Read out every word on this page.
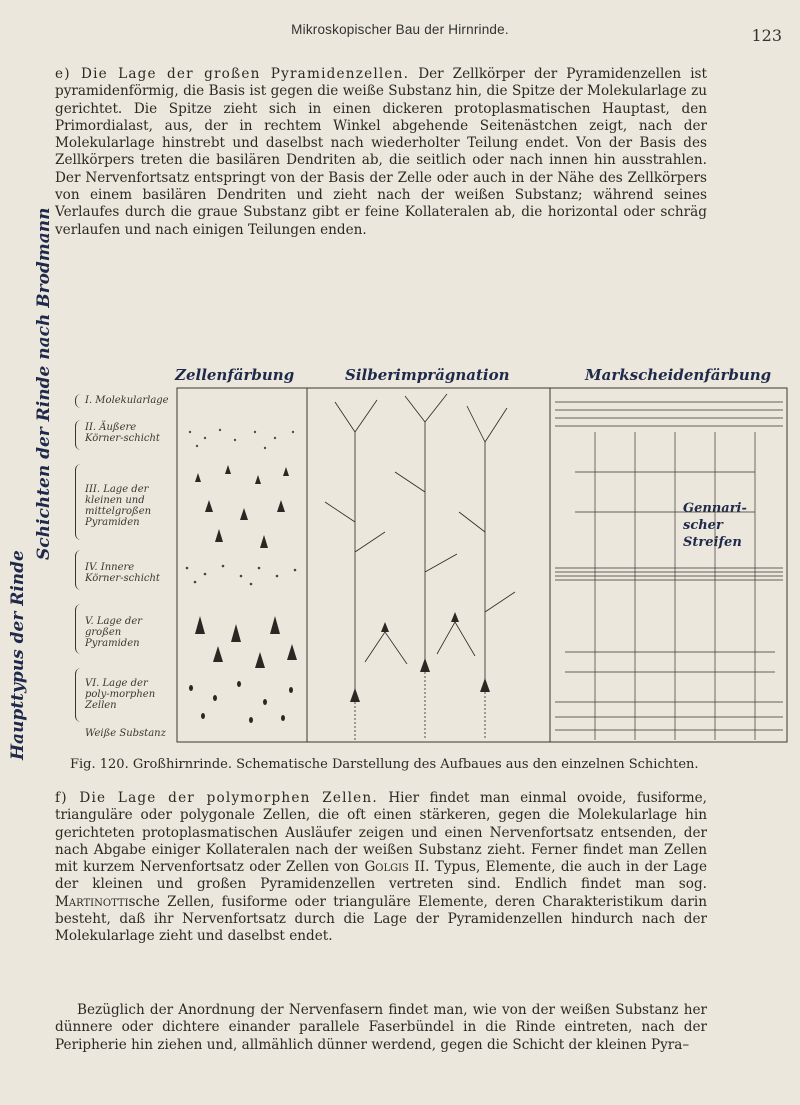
Mikroskopischer Bau der Hirnrinde.	123

e) Die Lage der großen Pyramidenzellen. Der Zellkörper der Pyramidenzellen ist pyramidenförmig, die Basis ist gegen die weiße Substanz hin, die Spitze der Molekularlage zu gerichtet. Die Spitze zieht sich in einen dickeren protoplasmatischen Hauptast, den Primordialast, aus, der in rechtem Winkel abgehende Seitenästchen zeigt, nach der Molekularlage hinstrebt und daselbst nach wiederholter Teilung endet. Von der Basis des Zellkörpers treten die basilären Dendriten ab, die seitlich oder nach innen hin ausstrahlen. Der Nervenfortsatz entspringt von der Basis der Zelle oder auch in der Nähe des Zellkörpers von einem basilären Dendriten und zieht nach der weißen Substanz; während seines Verlaufes durch die graue Substanz gibt er feine Kollateralen ab, die horizontal oder schräg verlaufen und nach einigen Teilungen enden.

Haupttypus der Rinde
Schichten der Rinde nach Brodmann	Zellenfärbung	Silberimprägnation	Markscheidenfärbung
Gennari-scher Streifen
I. Molekularlage
II. Äußere Körner-schicht
III. Lage der kleinen und mittelgroßen Pyramiden
IV. Innere Körner-schicht
V. Lage der großen Pyramiden
VI. Lage der poly-morphen Zellen
Weiße Substanz
Fig. 120. Großhirnrinde. Schematische Darstellung des Aufbaues aus den einzelnen Schichten.

f) Die Lage der polymorphen Zellen. Hier findet man einmal ovoide, fusiforme, trianguläre oder polygonale Zellen, die oft einen stärkeren, gegen die Molekularlage hin gerichteten protoplasmatischen Ausläufer zeigen und einen Nervenfortsatz entsenden, der nach Abgabe einiger Kollateralen nach der weißen Substanz zieht. Ferner findet man Zellen mit kurzem Nervenfortsatz oder Zellen von Golgis II. Typus, Elemente, die auch in der Lage der kleinen und großen Pyramidenzellen vertreten sind. Endlich findet man sog. Martinottische Zellen, fusiforme oder trianguläre Elemente, deren Charakteristikum darin besteht, daß ihr Nervenfortsatz durch die Lage der Pyramidenzellen hindurch nach der Molekularlage zieht und daselbst endet.

Bezüglich der Anordnung der Nervenfasern findet man, wie von der weißen Substanz her dünnere oder dichtere einander parallele Faserbündel in die Rinde eintreten, nach der Peripherie hin ziehen und, allmählich dünner werdend, gegen die Schicht der kleinen Pyra–
